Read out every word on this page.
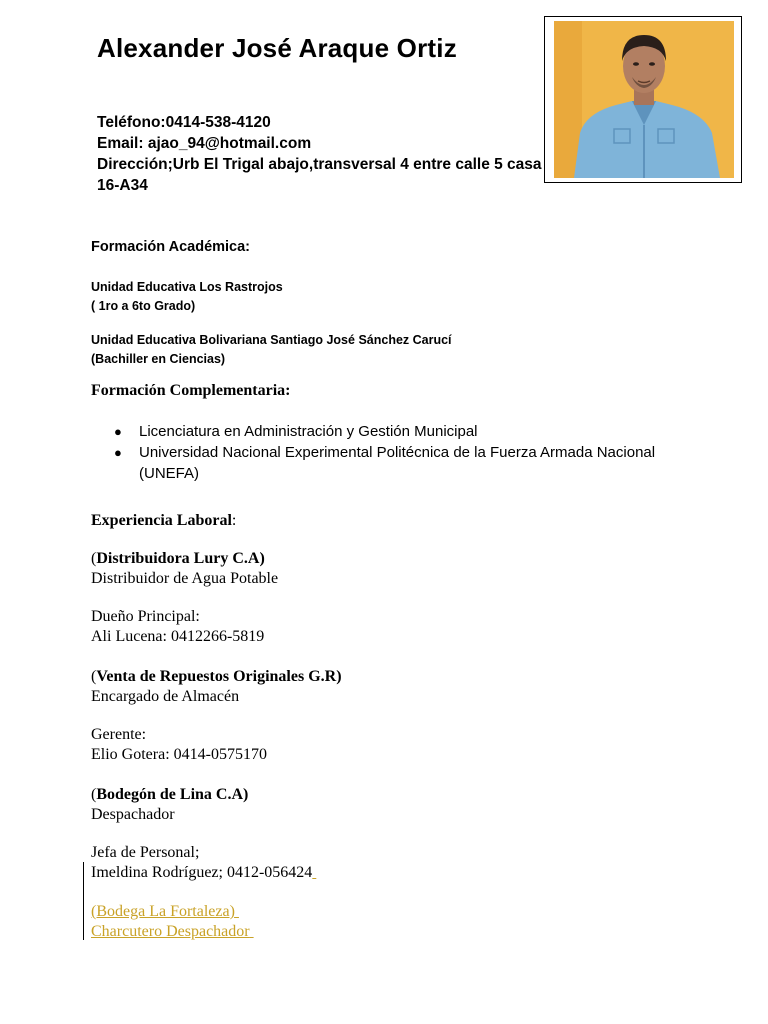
Alexander José Araque Ortiz
Teléfono:0414-538-4120
Email: ajao_94@hotmail.com
Dirección;Urb El Trigal abajo,transversal 4 entre calle 5 casa
16-A34
Formación Académica:
Unidad Educativa Los Rastrojos
( 1ro a 6to Grado)
Unidad Educativa Bolivariana Santiago José Sánchez Carucí
(Bachiller en Ciencias)
Formación Complementaria:
● Licenciatura en Administración y Gestión Municipal
● Universidad Nacional Experimental Politécnica de la Fuerza Armada Nacional (UNEFA)
Experiencia Laboral:
(Distribuidora Lury C.A)
Distribuidor de Agua Potable
Dueño Principal:
Ali Lucena: 0412266-5819
(Venta de Repuestos Originales G.R)
Encargado de Almacén
Gerente:
Elio Gotera: 0414-0575170
(Bodegón de Lina C.A)
Despachador
Jefa de Personal;
Imeldina Rodríguez; 0412-056424
(Bodega La Fortaleza)
Charcutero Despachador
